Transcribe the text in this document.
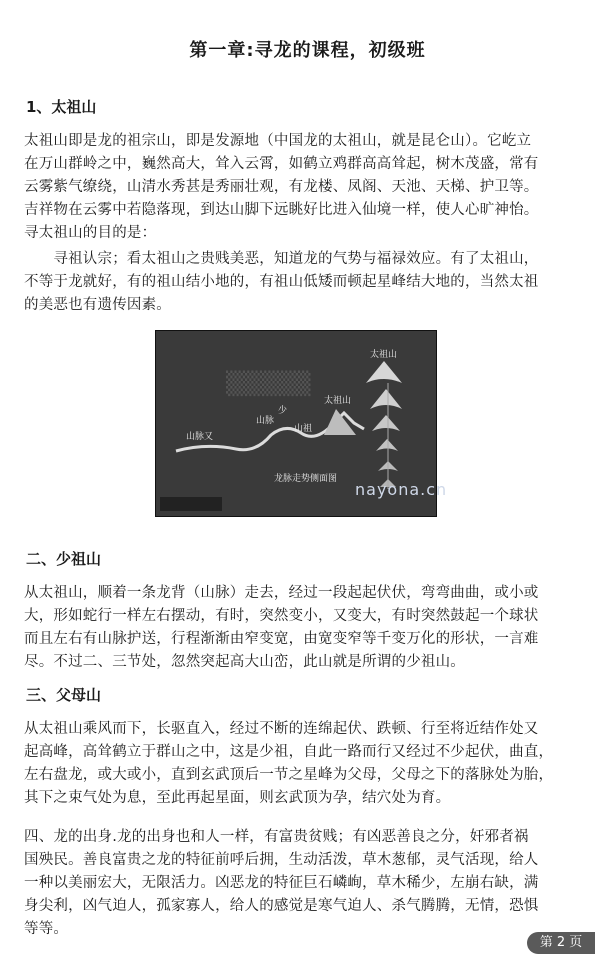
第一章:寻龙的课程，初级班
1、太祖山
太祖山即是龙的祖宗山，即是发源地（中国龙的太祖山，就是昆仑山）。它屹立
在万山群岭之中，巍然高大，耸入云霄，如鹤立鸡群高高耸起，树木茂盛，常有
云雾紫气缭绕，山清水秀甚是秀丽壮观，有龙楼、凤阁、天池、天梯、护卫等。
吉祥物在云雾中若隐落现，到达山脚下远眺好比进入仙境一样，使人心旷神怡。
寻太祖山的目的是：
　　寻祖认宗；看太祖山之贵贱美恶，知道龙的气势与福禄效应。有了太祖山，
不等于龙就好，有的祖山结小地的，有祖山低矮而顿起星峰结大地的，当然太祖
的美恶也有遗传因素。
▒▒▒▒▒
山脉又
山脉
少
山祖
太祖山
太祖山
龙脉走势侧面图
nayona.cn
二、少祖山
从太祖山，顺着一条龙背（山脉）走去，经过一段起起伏伏，弯弯曲曲，或小或
大，形如蛇行一样左右摆动，有时，突然变小，又变大，有时突然鼓起一个球状
而且左右有山脉护送，行程渐渐由窄变宽，由宽变窄等千变万化的形状，一言难
尽。不过二、三节处，忽然突起高大山峦，此山就是所谓的少祖山。
三、父母山
从太祖山乘风而下，长驱直入，经过不断的连绵起伏、跌顿、行至将近结作处又
起高峰，高耸鹤立于群山之中，这是少祖，自此一路而行又经过不少起伏，曲直，
左右盘龙，或大或小，直到玄武顶后一节之星峰为父母，父母之下的落脉处为胎，
其下之束气处为息，至此再起星面，则玄武顶为孕，结穴处为育。
四、龙的出身.龙的出身也和人一样，有富贵贫贱；有凶恶善良之分，奸邪者祸
国殃民。善良富贵之龙的特征前呼后拥，生动活泼，草木葱郁，灵气活现，给人
一种以美丽宏大，无限活力。凶恶龙的特征巨石嶙峋，草木稀少，左崩右缺，满
身尖利，凶气迫人，孤家寡人，给人的感觉是寒气迫人、杀气腾腾，无情，恐惧
等等。
第 2 页
